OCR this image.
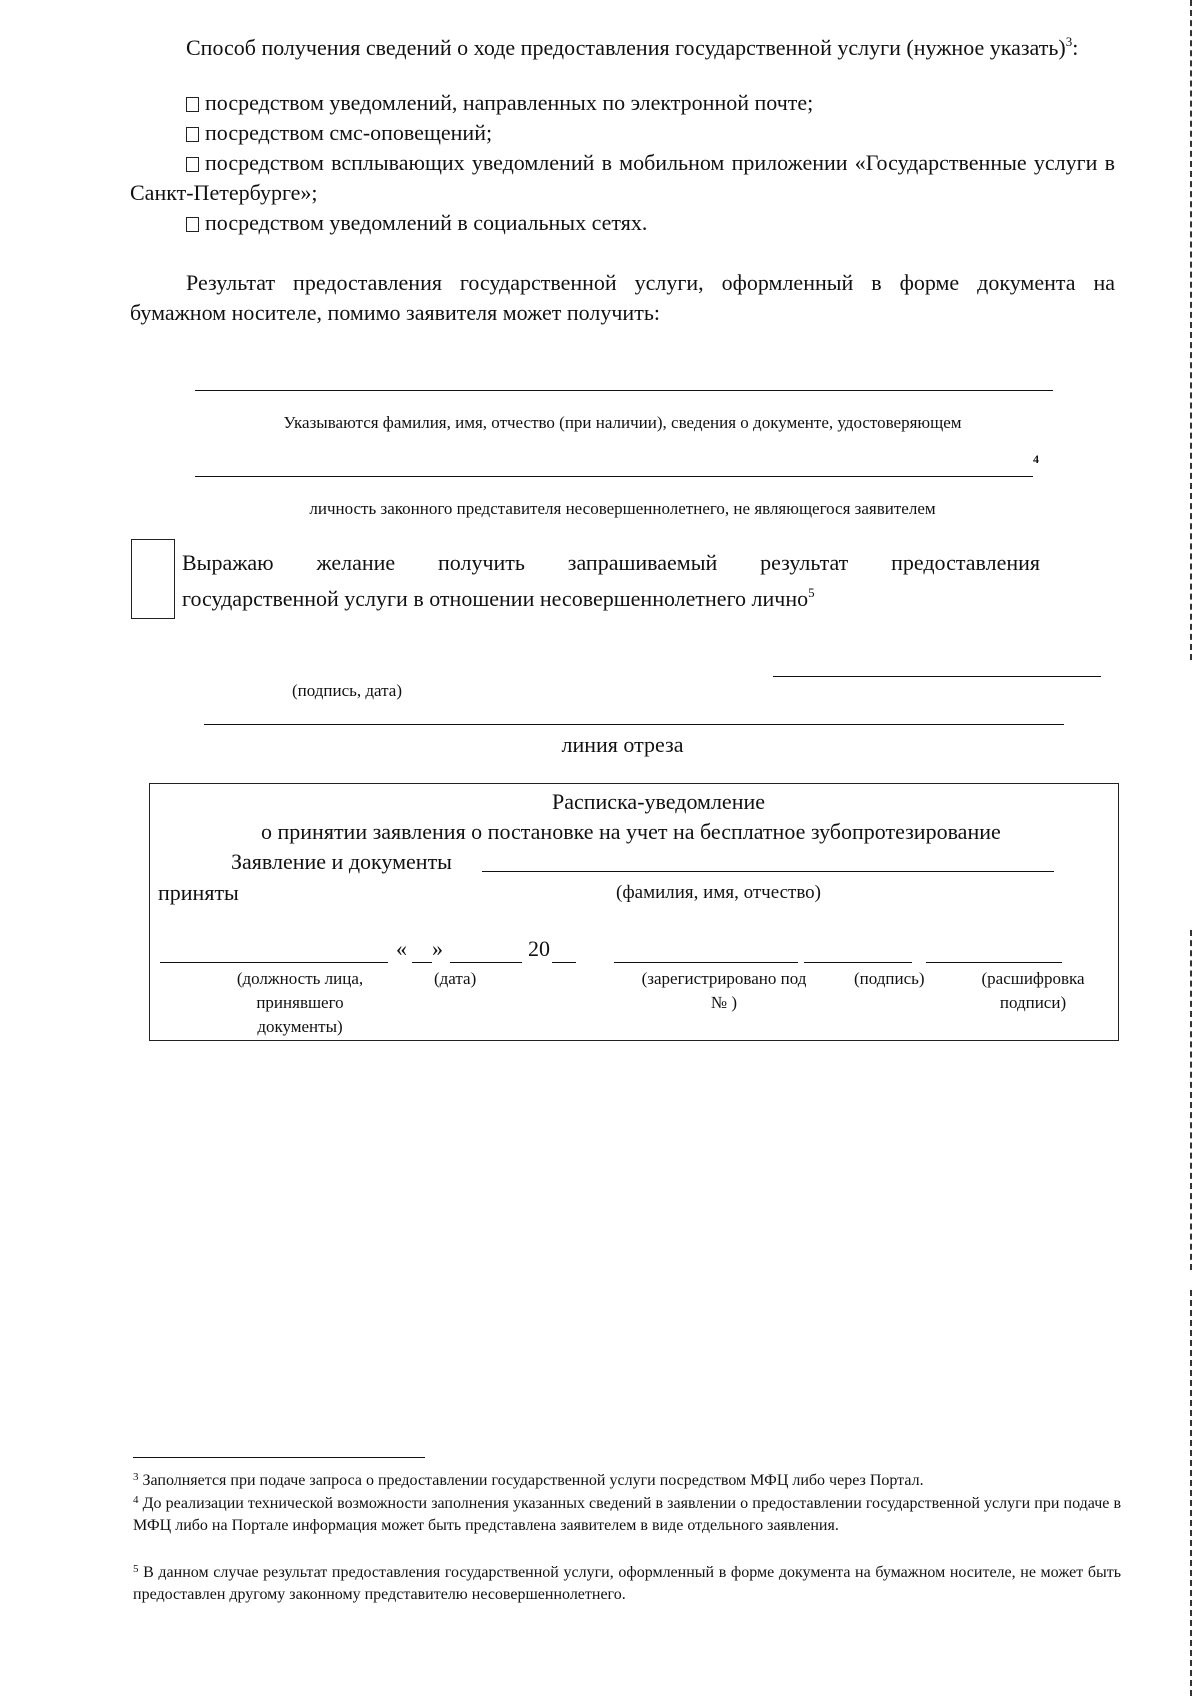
Способ получения сведений о ходе предоставления государственной услуги (нужное указать)$^3$:
посредством уведомлений, направленных по электронной почте;
посредством смс-оповещений;
посредством всплывающих уведомлений в мобильном приложении «Государственные услуги в Санкт-Петербурге»;
посредством уведомлений в социальных сетях.
Результат предоставления государственной услуги, оформленный в форме документа на бумажном носителе, помимо заявителя может получить:
Указываются фамилия, имя, отчество (при наличии), сведения о документе, удостоверяющем
4
личность законного представителя несовершеннолетнего, не являющегося заявителем
Выражаю желание получить запрашиваемый результат предоставления
государственной услуги в отношении несовершеннолетнего лично$^5$
(подпись, дата)
линия отреза
Расписка-уведомление
о принятии заявления о постановке на учет на бесплатное зубопротезирование
Заявление и документы
приняты	(фамилия, имя, отчество)
« »	20
(должность лица, принявшего документы)
(дата)	(зарегистрировано под № )
(подпись)	(расшифровка подписи)
$^3$ Заполняется при подаче запроса о предоставлении государственной услуги посредством МФЦ либо через Портал.
$^4$ До реализации технической возможности заполнения указанных сведений в заявлении о предоставлении государственной услуги при подаче в МФЦ либо на Портале информация может быть представлена заявителем в виде отдельного заявления.
$^5$ В данном случае результат предоставления государственной услуги, оформленный в форме документа на бумажном носителе, не может быть предоставлен другому законному представителю несовершеннолетнего.
